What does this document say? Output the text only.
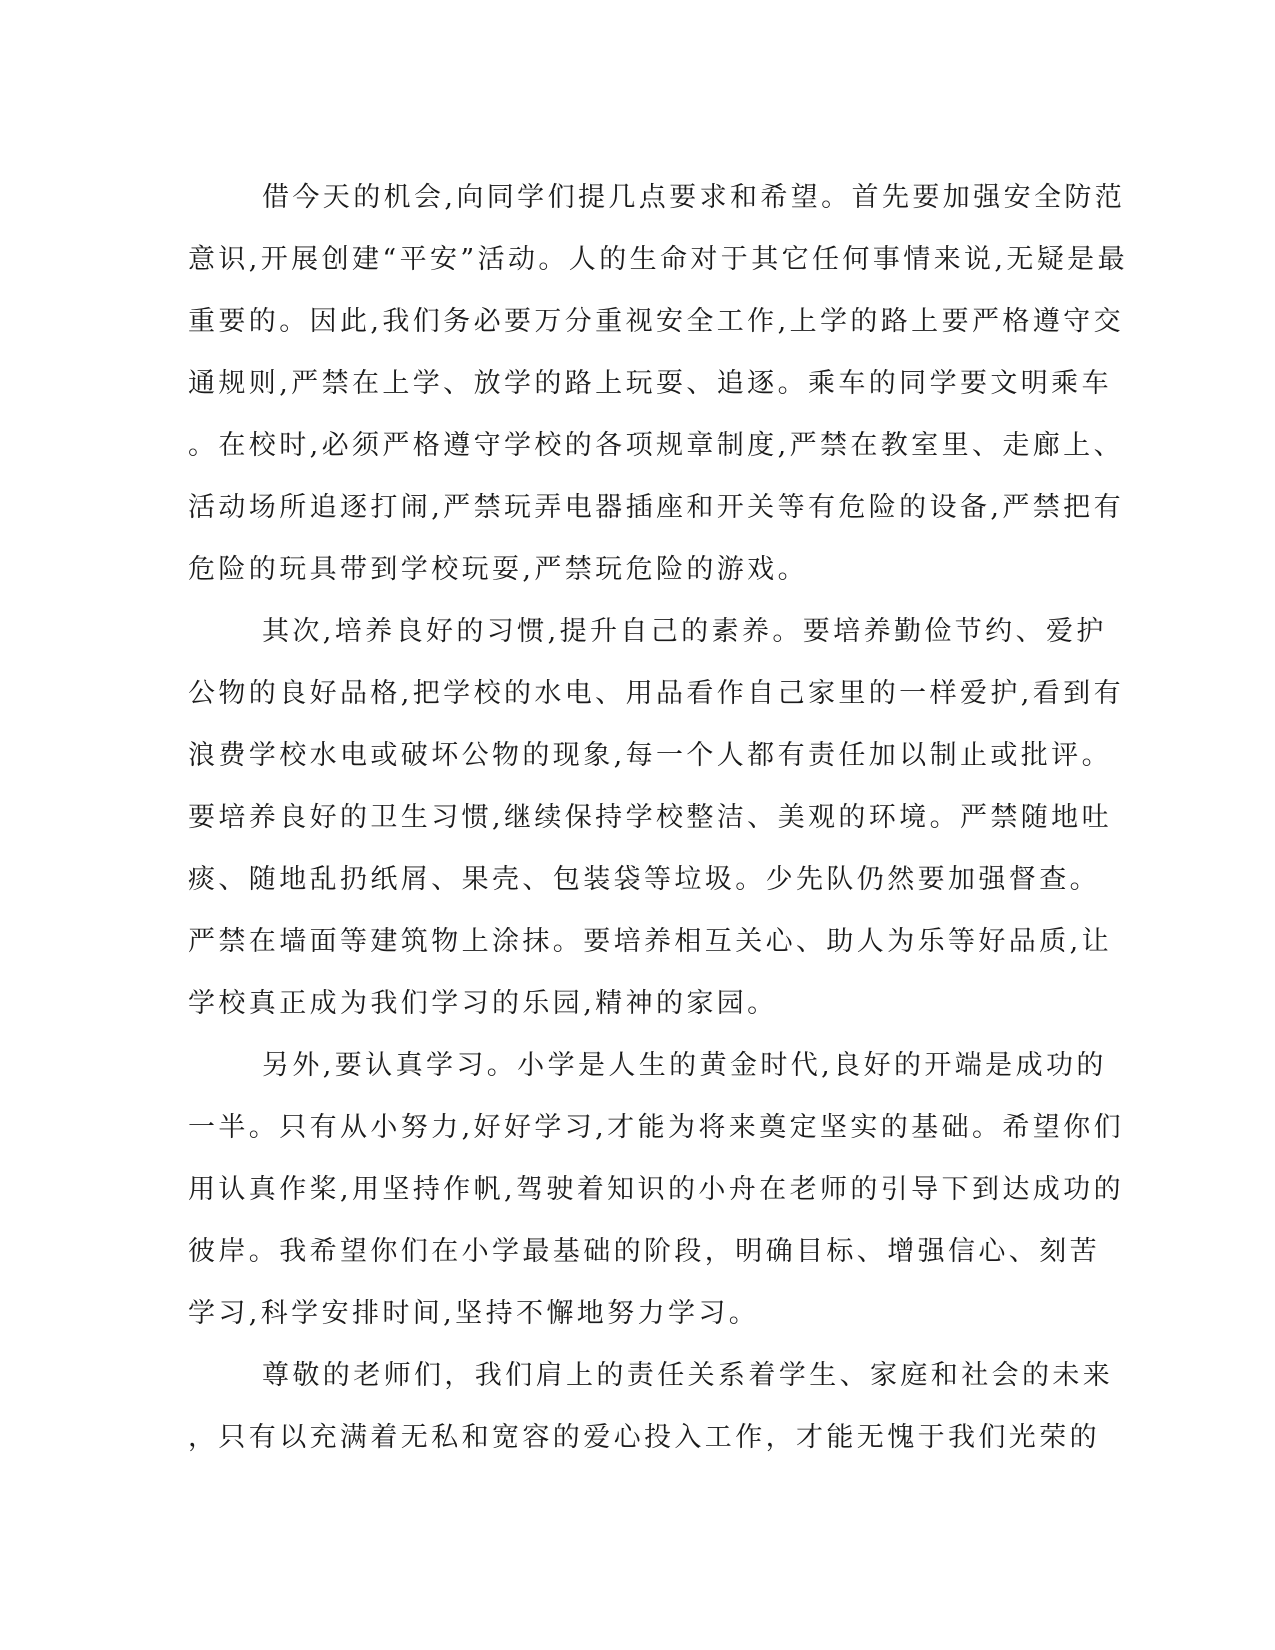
借今天的机会,向同学们提几点要求和希望。首先要加强安全防范
意识,开展创建“平安”活动。人的生命对于其它任何事情来说,无疑是最
重要的。因此,我们务必要万分重视安全工作,上学的路上要严格遵守交
通规则,严禁在上学、放学的路上玩耍、追逐。乘车的同学要文明乘车
。在校时,必须严格遵守学校的各项规章制度,严禁在教室里、走廊上、
活动场所追逐打闹,严禁玩弄电器插座和开关等有危险的设备,严禁把有
危险的玩具带到学校玩耍,严禁玩危险的游戏。
其次,培养良好的习惯,提升自己的素养。要培养勤俭节约、爱护
公物的良好品格,把学校的水电、用品看作自己家里的一样爱护,看到有
浪费学校水电或破坏公物的现象,每一个人都有责任加以制止或批评。
要培养良好的卫生习惯,继续保持学校整洁、美观的环境。严禁随地吐
痰、随地乱扔纸屑、果壳、包装袋等垃圾。少先队仍然要加强督查。
严禁在墙面等建筑物上涂抹。要培养相互关心、助人为乐等好品质,让
学校真正成为我们学习的乐园,精神的家园。
另外,要认真学习。小学是人生的黄金时代,良好的开端是成功的
一半。只有从小努力,好好学习,才能为将来奠定坚实的基础。希望你们
用认真作桨,用坚持作帆,驾驶着知识的小舟在老师的引导下到达成功的
彼岸。我希望你们在小学最基础的阶段，明确目标、增强信心、刻苦
学习,科学安排时间,坚持不懈地努力学习。
尊敬的老师们，我们肩上的责任关系着学生、家庭和社会的未来
，只有以充满着无私和宽容的爱心投入工作，才能无愧于我们光荣的
